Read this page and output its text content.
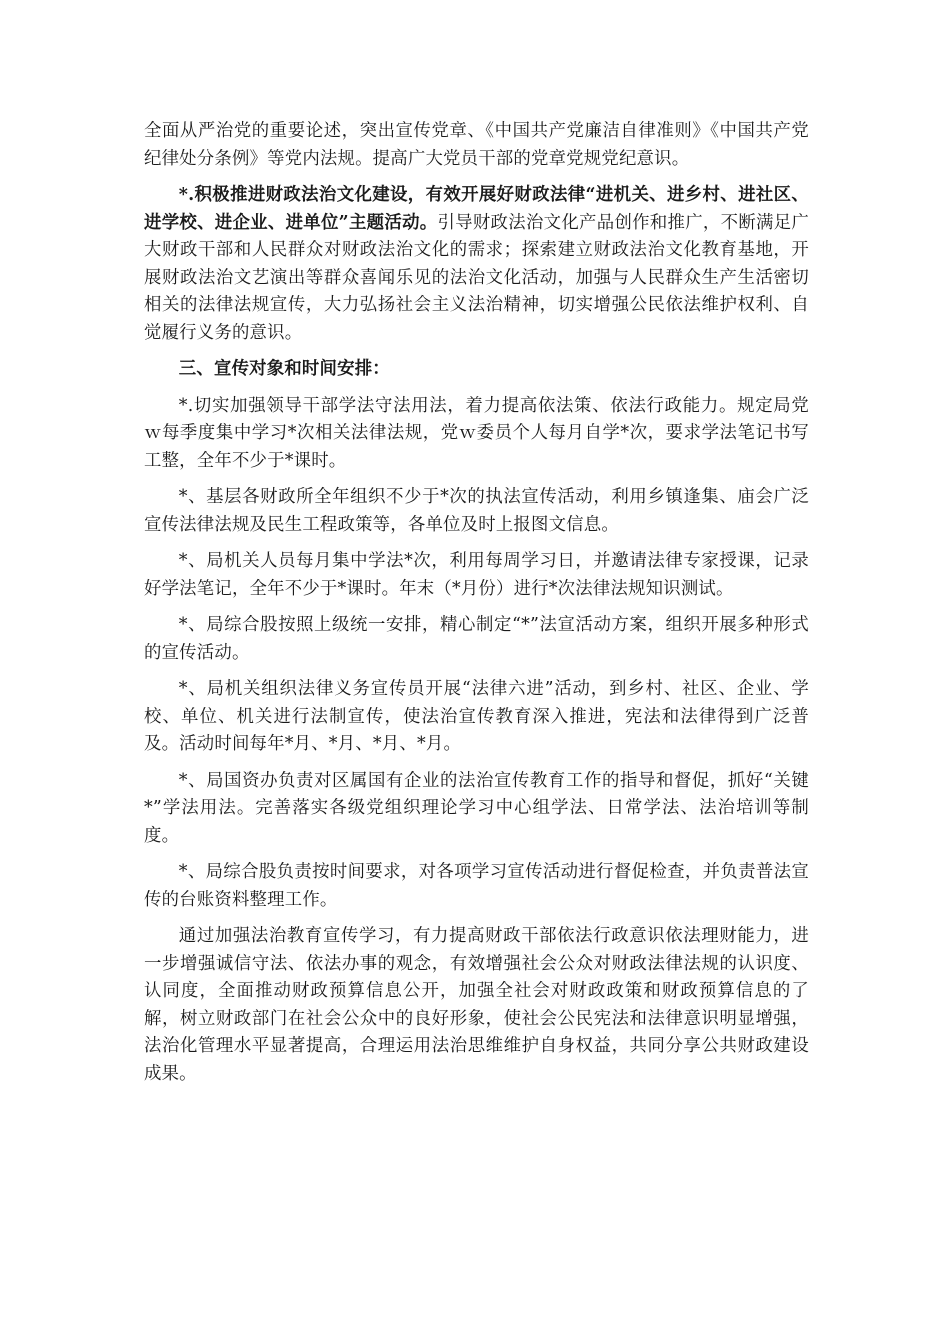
全面从严治党的重要论述，突出宣传党章、《中国共产党廉洁自律准则》《中国共产党纪律处分条例》等党内法规。提高广大党员干部的党章党规党纪意识。

*.积极推进财政法治文化建设，有效开展好财政法律“进机关、进乡村、进社区、进学校、进企业、进单位”主题活动。引导财政法治文化产品创作和推广，不断满足广大财政干部和人民群众对财政法治文化的需求；探索建立财政法治文化教育基地，开展财政法治文艺演出等群众喜闻乐见的法治文化活动，加强与人民群众生产生活密切相关的法律法规宣传，大力弘扬社会主义法治精神，切实增强公民依法维护权利、自觉履行义务的意识。

三、宣传对象和时间安排：

*.切实加强领导干部学法守法用法，着力提高依法策、依法行政能力。规定局党ｗ每季度集中学习*次相关法律法规，党ｗ委员个人每月自学*次，要求学法笔记书写工整，全年不少于*课时。

*、基层各财政所全年组织不少于*次的执法宣传活动，利用乡镇逢集、庙会广泛宣传法律法规及民生工程政策等，各单位及时上报图文信息。

*、局机关人员每月集中学法*次，利用每周学习日，并邀请法律专家授课，记录好学法笔记，全年不少于*课时。年末（*月份）进行*次法律法规知识测试。

*、局综合股按照上级统一安排，精心制定“*”法宣活动方案，组织开展多种形式的宣传活动。

*、局机关组织法律义务宣传员开展“法律六进”活动，到乡村、社区、企业、学校、单位、机关进行法制宣传，使法治宣传教育深入推进，宪法和法律得到广泛普及。活动时间每年*月、*月、*月、*月。

*、局国资办负责对区属国有企业的法治宣传教育工作的指导和督促，抓好“关键*”学法用法。完善落实各级党组织理论学习中心组学法、日常学法、法治培训等制度。

*、局综合股负责按时间要求，对各项学习宣传活动进行督促检查，并负责普法宣传的台账资料整理工作。

通过加强法治教育宣传学习，有力提高财政干部依法行政意识依法理财能力，进一步增强诚信守法、依法办事的观念，有效增强社会公众对财政法律法规的认识度、认同度，全面推动财政预算信息公开，加强全社会对财政政策和财政预算信息的了解，树立财政部门在社会公众中的良好形象，使社会公民宪法和法律意识明显增强，法治化管理水平显著提高，合理运用法治思维维护自身权益，共同分享公共财政建设成果。
